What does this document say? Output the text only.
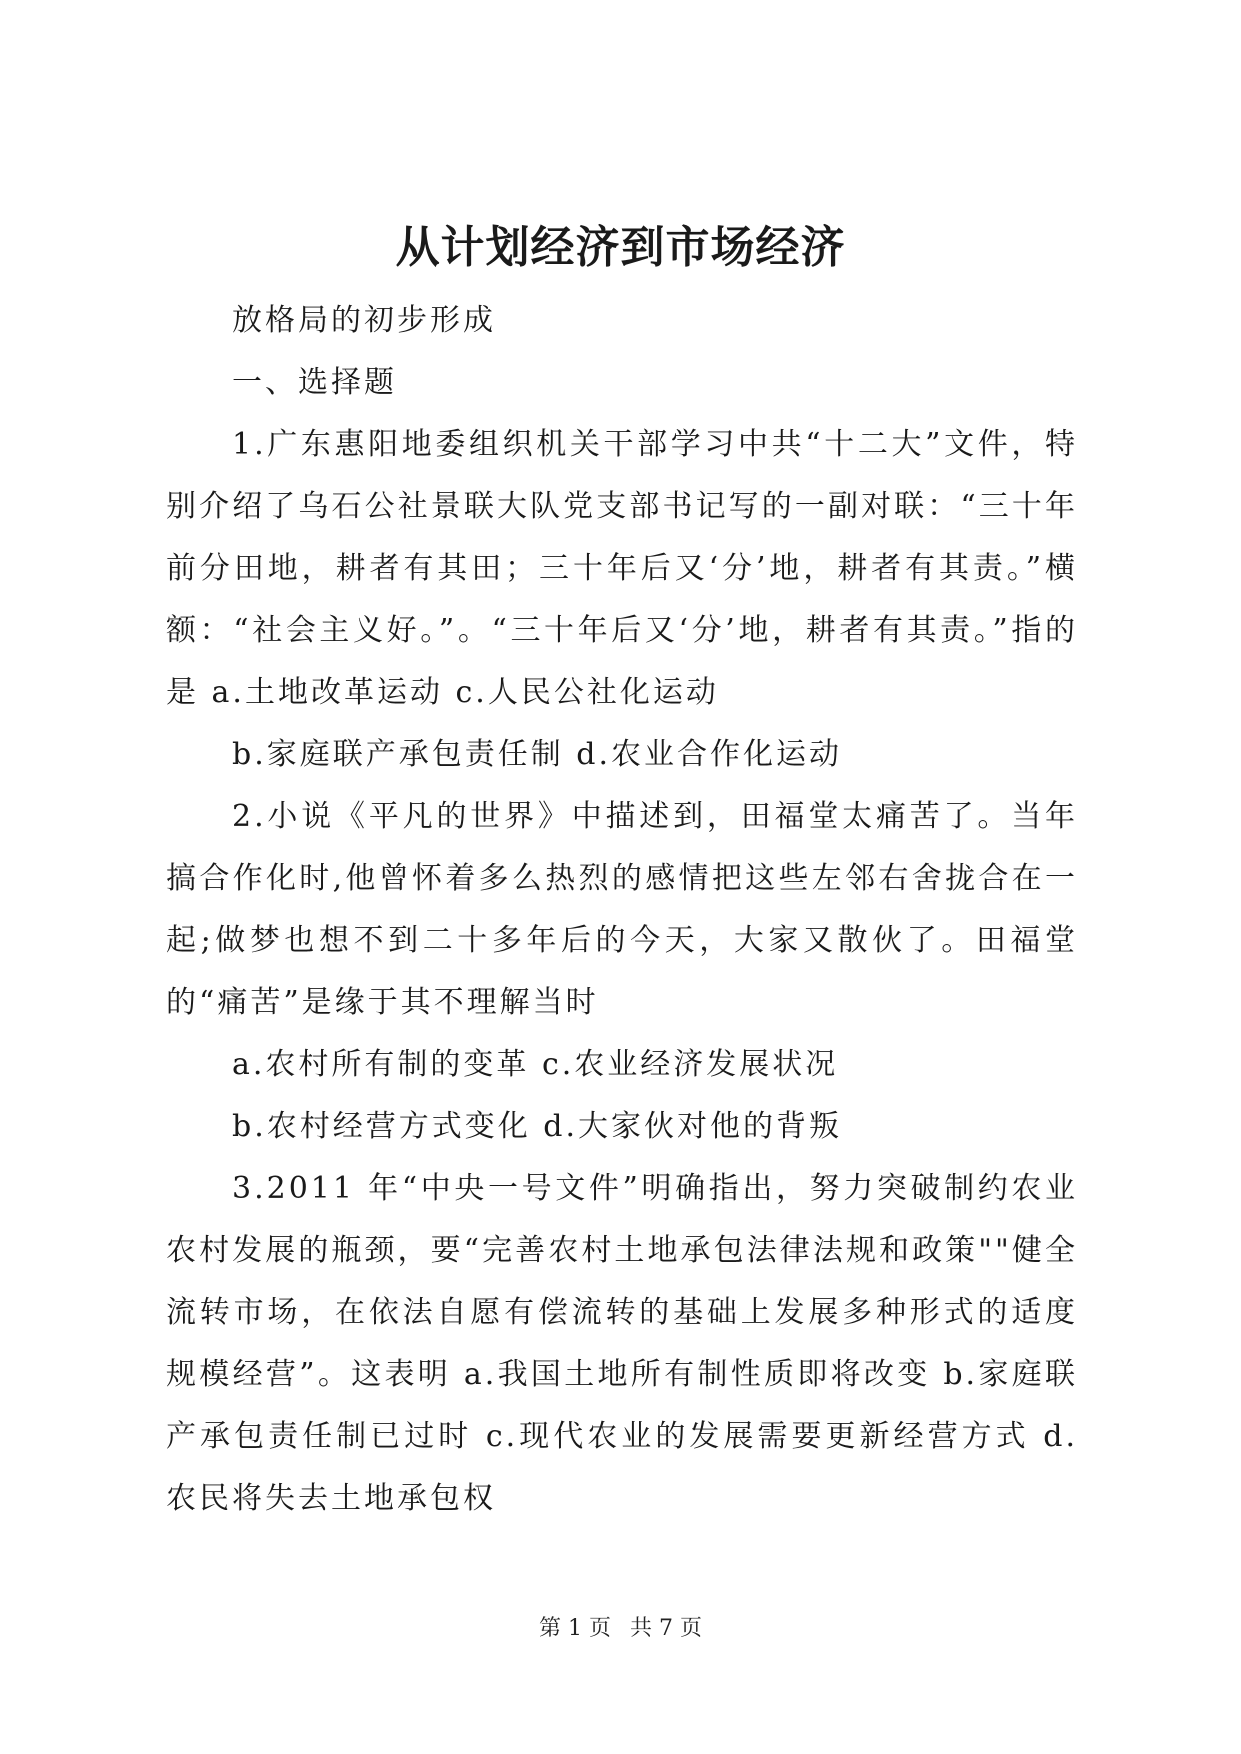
从计划经济到市场经济

放格局的初步形成

一、选择题

1.广东惠阳地委组织机关干部学习中共“十二大”文件，特别介绍了乌石公社景联大队党支部书记写的一副对联：“三十年前分田地，耕者有其田；三十年后又‘分’地，耕者有其责。”横额：“社会主义好。”。“三十年后又‘分’地，耕者有其责。”指的是 a.土地改革运动 c.人民公社化运动

b.家庭联产承包责任制 d.农业合作化运动

2.小说《平凡的世界》中描述到，田福堂太痛苦了。当年搞合作化时,他曾怀着多么热烈的感情把这些左邻右舍拢合在一起;做梦也想不到二十多年后的今天，大家又散伙了。田福堂的“痛苦”是缘于其不理解当时

a.农村所有制的变革 c.农业经济发展状况

b.农村经营方式变化 d.大家伙对他的背叛

3.2011 年“中央一号文件”明确指出，努力突破制约农业农村发展的瓶颈，要“完善农村土地承包法律法规和政策""健全流转市场，在依法自愿有偿流转的基础上发展多种形式的适度规模经营”。这表明 a.我国土地所有制性质即将改变 b.家庭联产承包责任制已过时 c.现代农业的发展需要更新经营方式 d.农民将失去土地承包权

第 1 页 共 7 页
